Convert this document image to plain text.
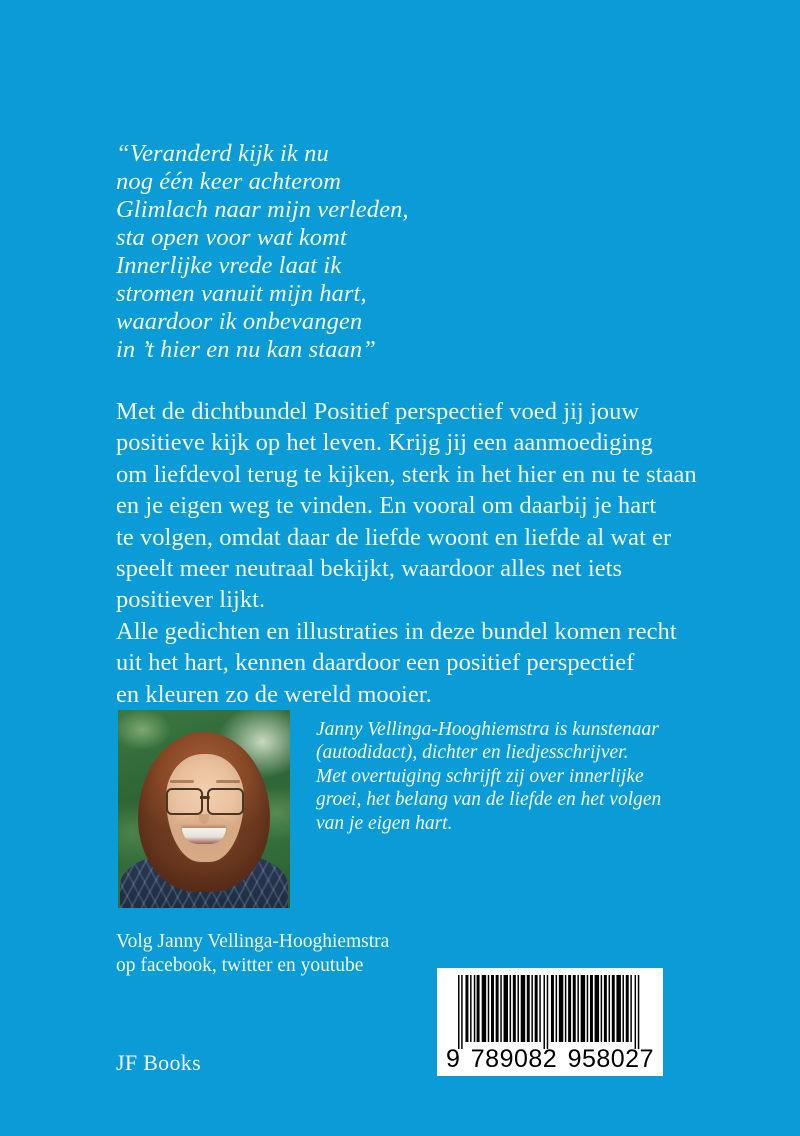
“Veranderd kijk ik nu
nog één keer achterom
Glimlach naar mijn verleden,
sta open voor wat komt
Innerlijke vrede laat ik
stromen vanuit mijn hart,
waardoor ik onbevangen
in ’t hier en nu kan staan”
Met de dichtbundel Positief perspectief voed jij jouw
positieve kijk op het leven. Krijg jij een aanmoediging
om liefdevol terug te kijken, sterk in het hier en nu te staan
en je eigen weg te vinden. En vooral om daarbij je hart
te volgen, omdat daar de liefde woont en liefde al wat er
speelt meer neutraal bekijkt, waardoor alles net iets
positiever lijkt.
Alle gedichten en illustraties in deze bundel komen recht
uit het hart, kennen daardoor een positief perspectief
en kleuren zo de wereld mooier.
Janny Vellinga-Hooghiemstra is kunstenaar
(autodidact), dichter en liedjesschrijver.
Met overtuiging schrijft zij over innerlijke
groei, het belang van de liefde en het volgen
van je eigen hart.
Volg Janny Vellinga-Hooghiemstra
op facebook, twitter en youtube
JF Books	9 789082 958027
